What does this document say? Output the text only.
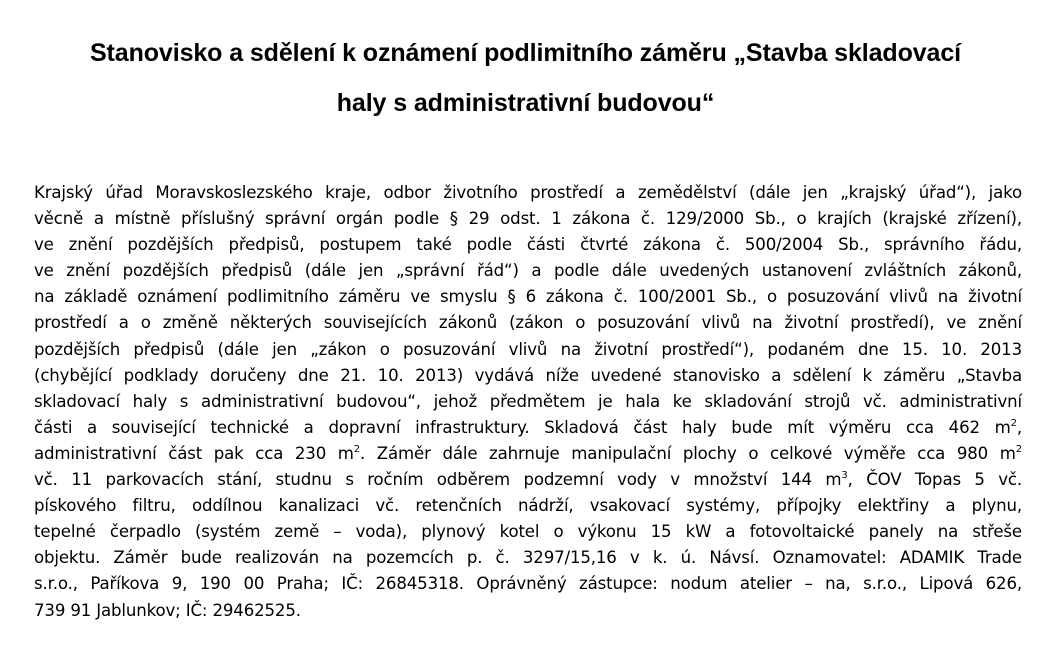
Stanovisko a sdělení k oznámení podlimitního záměru „Stavba skladovací
haly s administrativní budovou“
Krajský úřad Moravskoslezského kraje, odbor životního prostředí a zemědělství (dále jen „krajský úřad“), jako
věcně a místně příslušný správní orgán podle § 29 odst. 1 zákona č. 129/2000 Sb., o krajích (krajské zřízení),
ve znění pozdějších předpisů, postupem také podle části čtvrté zákona č. 500/2004 Sb., správního řádu,
ve znění pozdějších předpisů (dále jen „správní řád“) a podle dále uvedených ustanovení zvláštních zákonů,
na základě oznámení podlimitního záměru ve smyslu § 6 zákona č. 100/2001 Sb., o posuzování vlivů na životní
prostředí a o změně některých souvisejících zákonů (zákon o posuzování vlivů na životní prostředí), ve znění
pozdějších předpisů (dále jen „zákon o posuzování vlivů na životní prostředí“), podaném dne 15. 10. 2013
(chybějící podklady doručeny dne 21. 10. 2013) vydává níže uvedené stanovisko a sdělení k záměru „Stavba
skladovací haly s administrativní budovou“, jehož předmětem je hala ke skladování strojů vč. administrativní
části a související technické a dopravní infrastruktury. Skladová část haly bude mít výměru cca 462 $m^2$,
administrativní část pak cca 230 $m^2$. Záměr dále zahrnuje manipulační plochy o celkové výměře cca 980 $m^2$
vč. 11 parkovacích stání, studnu s ročním odběrem podzemní vody v množství 144 $m^3$, ČOV Topas 5 vč.
pískového filtru, oddílnou kanalizaci vč. retenčních nádrží, vsakovací systémy, přípojky elektřiny a plynu,
tepelné čerpadlo (systém země – voda), plynový kotel o výkonu 15 kW a fotovoltaické panely na střeše
objektu. Záměr bude realizován na pozemcích p. č. 3297/15,16 v k. ú. Návsí. Oznamovatel: ADAMIK Trade
s.r.o., Paříkova 9, 190 00 Praha; IČ: 26845318. Oprávněný zástupce: nodum atelier – na, s.r.o., Lipová 626,
739 91 Jablunkov; IČ: 29462525.
